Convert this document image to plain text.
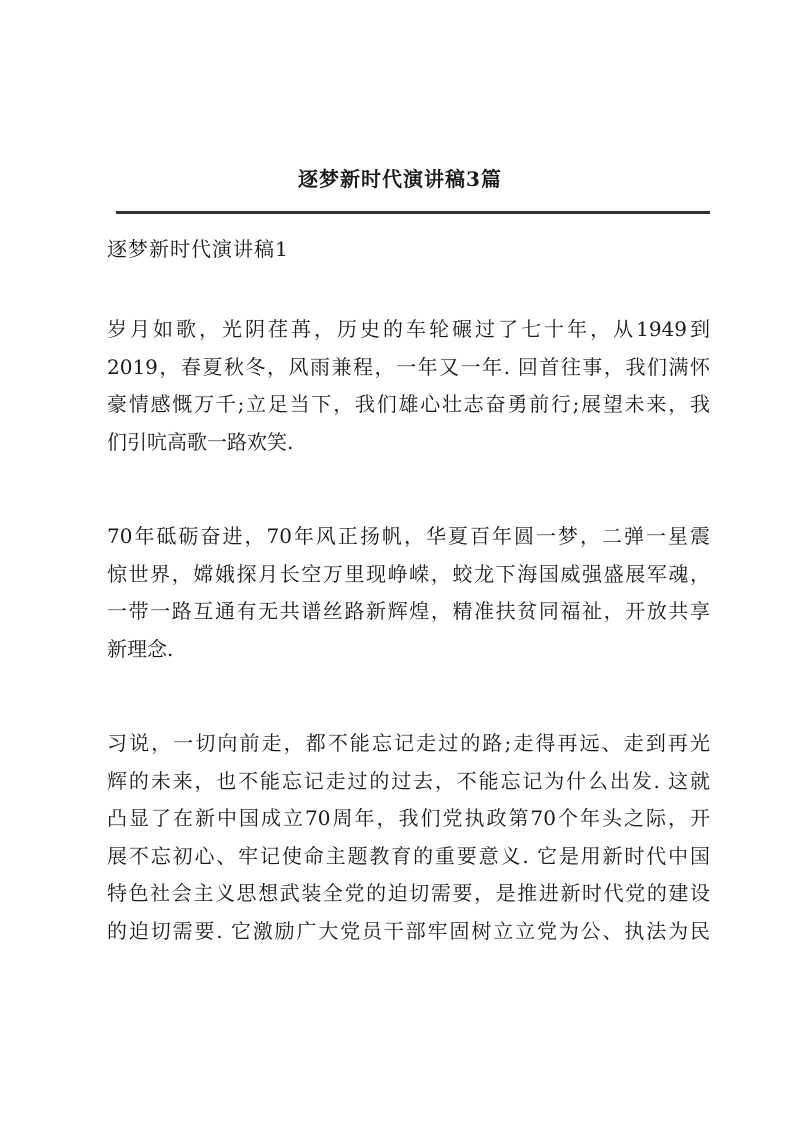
逐梦新时代演讲稿3篇
逐梦新时代演讲稿1
岁月如歌，光阴荏苒，历史的车轮碾过了七十年，从1949到
2019，春夏秋冬，风雨兼程，一年又一年. 回首往事，我们满怀
豪情感慨万千;立足当下，我们雄心壮志奋勇前行;展望未来，我
们引吭高歌一路欢笑.
70年砥砺奋进，70年风正扬帆，华夏百年圆一梦，二弹一星震
惊世界，嫦娥探月长空万里现峥嵘，蛟龙下海国威强盛展军魂，
一带一路互通有无共谱丝路新辉煌，精准扶贫同福祉，开放共享
新理念.
习说，一切向前走，都不能忘记走过的路;走得再远、走到再光
辉的未来，也不能忘记走过的过去，不能忘记为什么出发. 这就
凸显了在新中国成立70周年，我们党执政第70个年头之际，开
展不忘初心、牢记使命主题教育的重要意义. 它是用新时代中国
特色社会主义思想武装全党的迫切需要，是推进新时代党的建设
的迫切需要. 它激励广大党员干部牢固树立立党为公、执法为民
